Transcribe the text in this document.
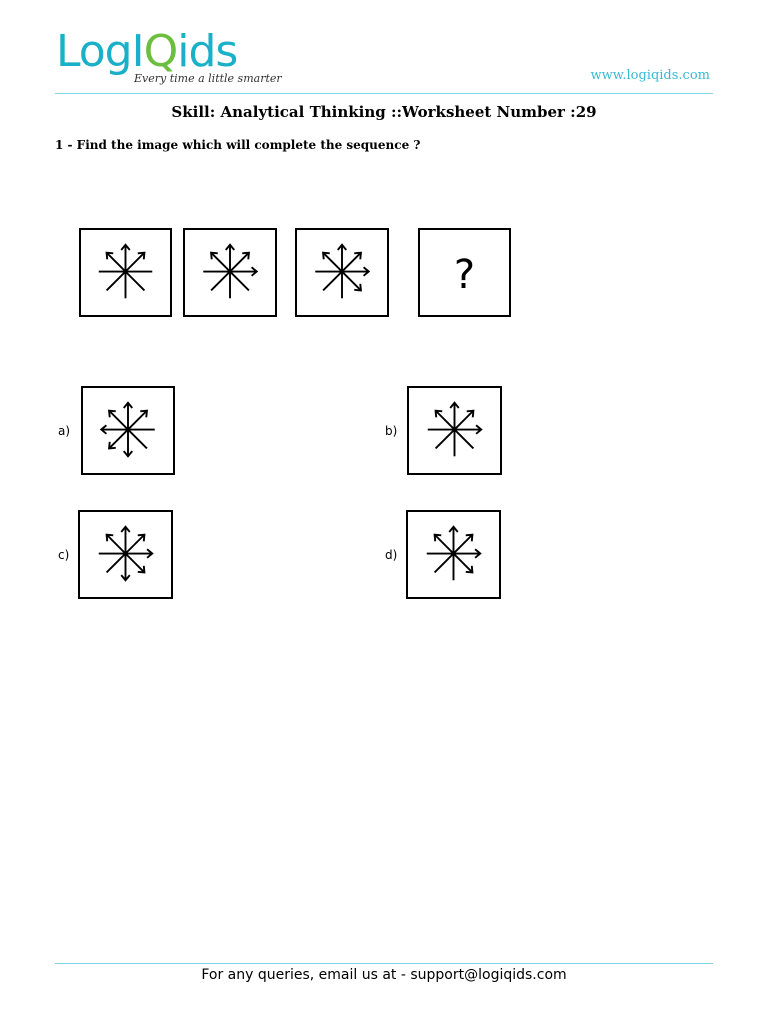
LogIQids
Every time a little smarter	www.logiqids.com
Skill: Analytical Thinking ::Worksheet Number :29
1 - Find the image which will complete the sequence ?
?
a)	b)
c)	d)
For any queries, email us at - support@logiqids.com
